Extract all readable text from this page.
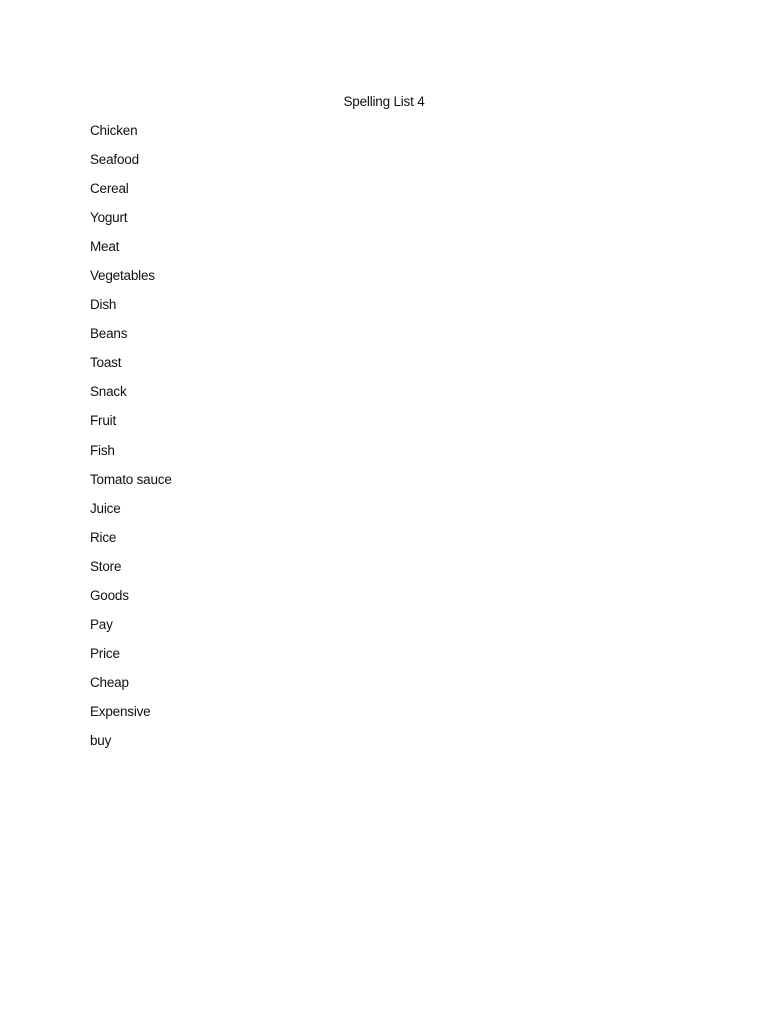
Spelling List 4
Chicken
Seafood
Cereal
Yogurt
Meat
Vegetables
Dish
Beans
Toast
Snack
Fruit
Fish
Tomato sauce
Juice
Rice
Store
Goods
Pay
Price
Cheap
Expensive
buy
